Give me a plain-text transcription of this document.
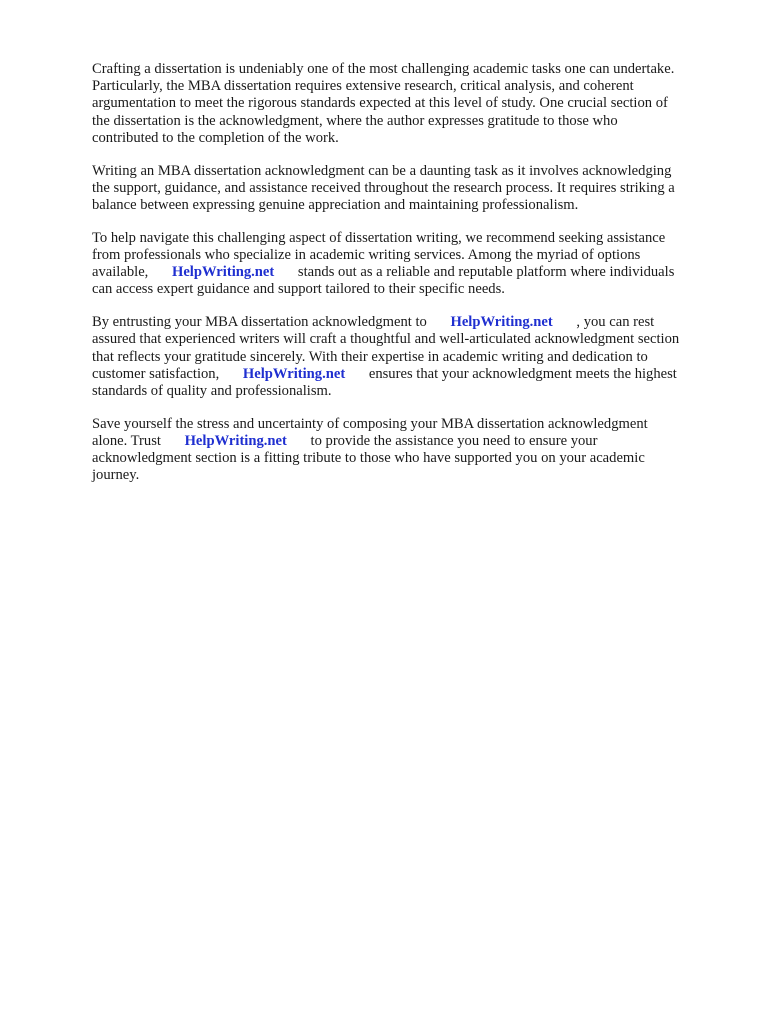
Crafting a dissertation is undeniably one of the most challenging academic tasks one can undertake.
Particularly, the MBA dissertation requires extensive research, critical analysis, and coherent
argumentation to meet the rigorous standards expected at this level of study. One crucial section of
the dissertation is the acknowledgment, where the author expresses gratitude to those who
contributed to the completion of the work.

Writing an MBA dissertation acknowledgment can be a daunting task as it involves acknowledging
the support, guidance, and assistance received throughout the research process. It requires striking a
balance between expressing genuine appreciation and maintaining professionalism.

To help navigate this challenging aspect of dissertation writing, we recommend seeking assistance
from professionals who specialize in academic writing services. Among the myriad of options
available, HelpWriting.net stands out as a reliable and reputable platform where individuals
can access expert guidance and support tailored to their specific needs.

By entrusting your MBA dissertation acknowledgment to HelpWriting.net , you can rest
assured that experienced writers will craft a thoughtful and well-articulated acknowledgment section
that reflects your gratitude sincerely. With their expertise in academic writing and dedication to
customer satisfaction, HelpWriting.net ensures that your acknowledgment meets the highest
standards of quality and professionalism.

Save yourself the stress and uncertainty of composing your MBA dissertation acknowledgment
alone. Trust HelpWriting.net to provide the assistance you need to ensure your
acknowledgment section is a fitting tribute to those who have supported you on your academic
journey.
